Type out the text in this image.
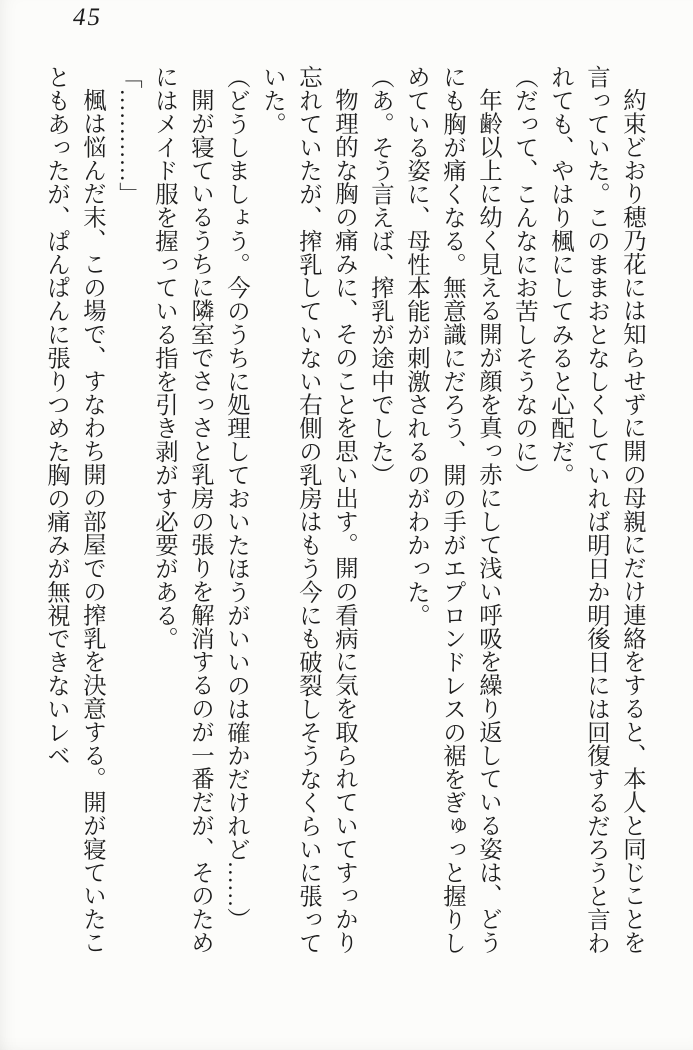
45

約束どおり穂乃花には知らせずに開の母親にだけ連絡をすると、本人と同じことを言っていた。このままおとなしくしていれば明日か明後日には回復するだろうと言われても、やはり楓にしてみると心配だ。

（だって、こんなにお苦しそうなのに）

年齢以上に幼く見える開が顔を真っ赤にして浅い呼吸を繰り返している姿は、どうにも胸が痛くなる。無意識にだろう、開の手がエプロンドレスの裾をぎゅっと握りしめている姿に、母性本能が刺激されるのがわかった。

（あ。そう言えば、搾乳が途中でした）

物理的な胸の痛みに、そのことを思い出す。開の看病に気を取られていてすっかり忘れていたが、搾乳していない右側の乳房はもう今にも破裂しそうなくらいに張っていた。

（どうしましょう。今のうちに処理しておいたほうがいいのは確かだけれど……）

開が寝ているうちに隣室でさっさと乳房の張りを解消するのが一番だが、そのためにはメイド服を握っている指を引き剥がす必要がある。

「…………」

楓は悩んだ末、この場で、すなわち開の部屋での搾乳を決意する。開が寝ていたこともあったが、ぱんぱんに張りつめた胸の痛みが無視できないレベ
